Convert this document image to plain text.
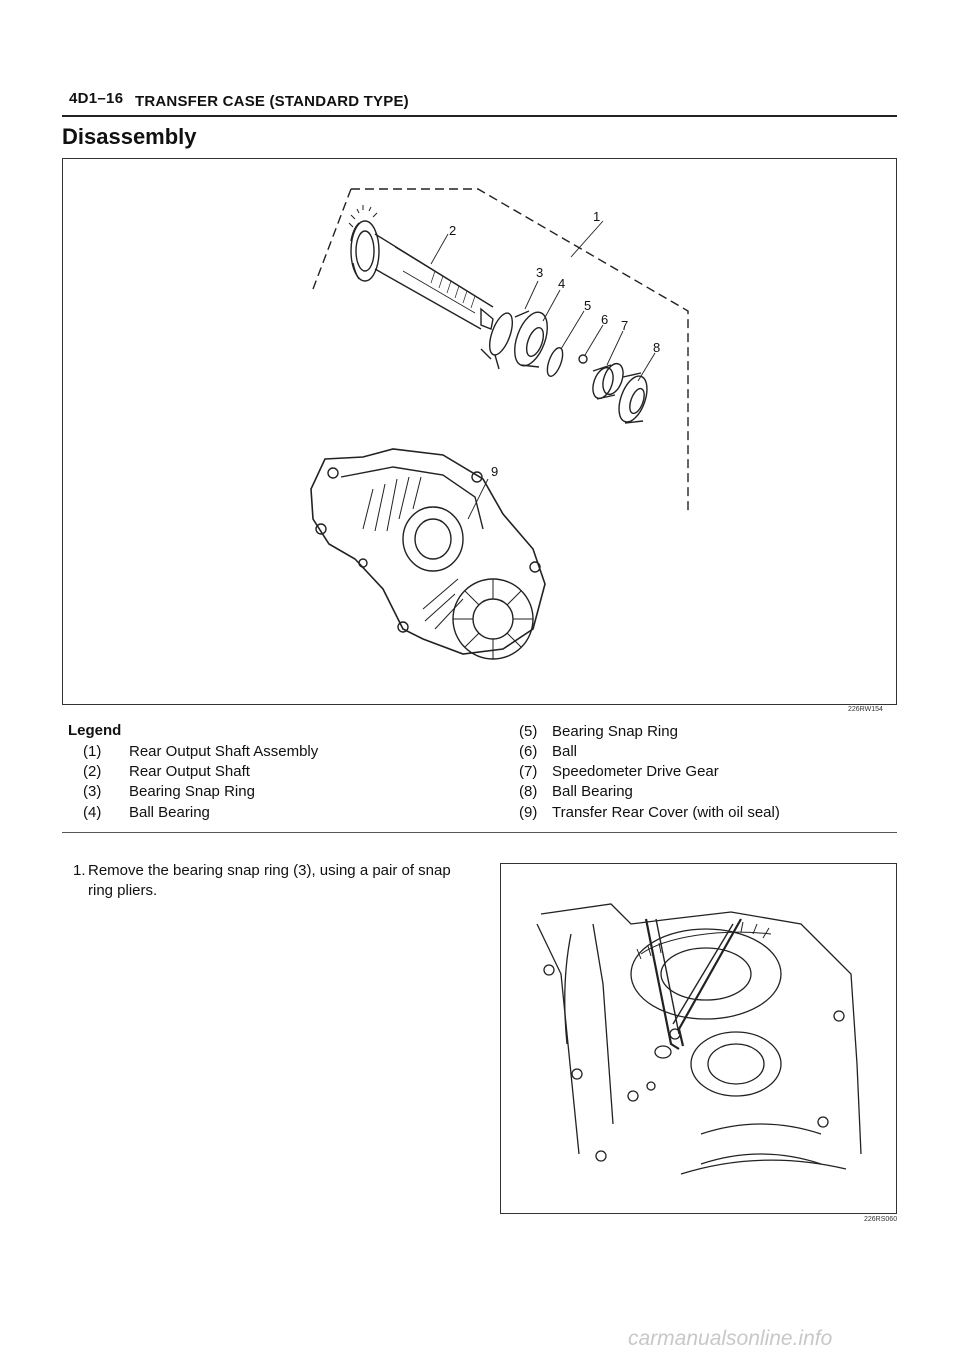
4D1–16 TRANSFER CASE (STANDARD TYPE)
Disassembly
1
2
3
4
5
6 7
8
9
226RW154
Legend
(1) Rear Output Shaft Assembly
(2) Rear Output Shaft
(3) Bearing Snap Ring
(4) Ball Bearing
(5) Bearing Snap Ring
(6) Ball
(7) Speedometer Drive Gear
(8) Ball Bearing
(9) Transfer Rear Cover (with oil seal)
1. Remove the bearing snap ring (3), using a pair of snap
ring pliers.
226RS060
carmanualsonline.info
